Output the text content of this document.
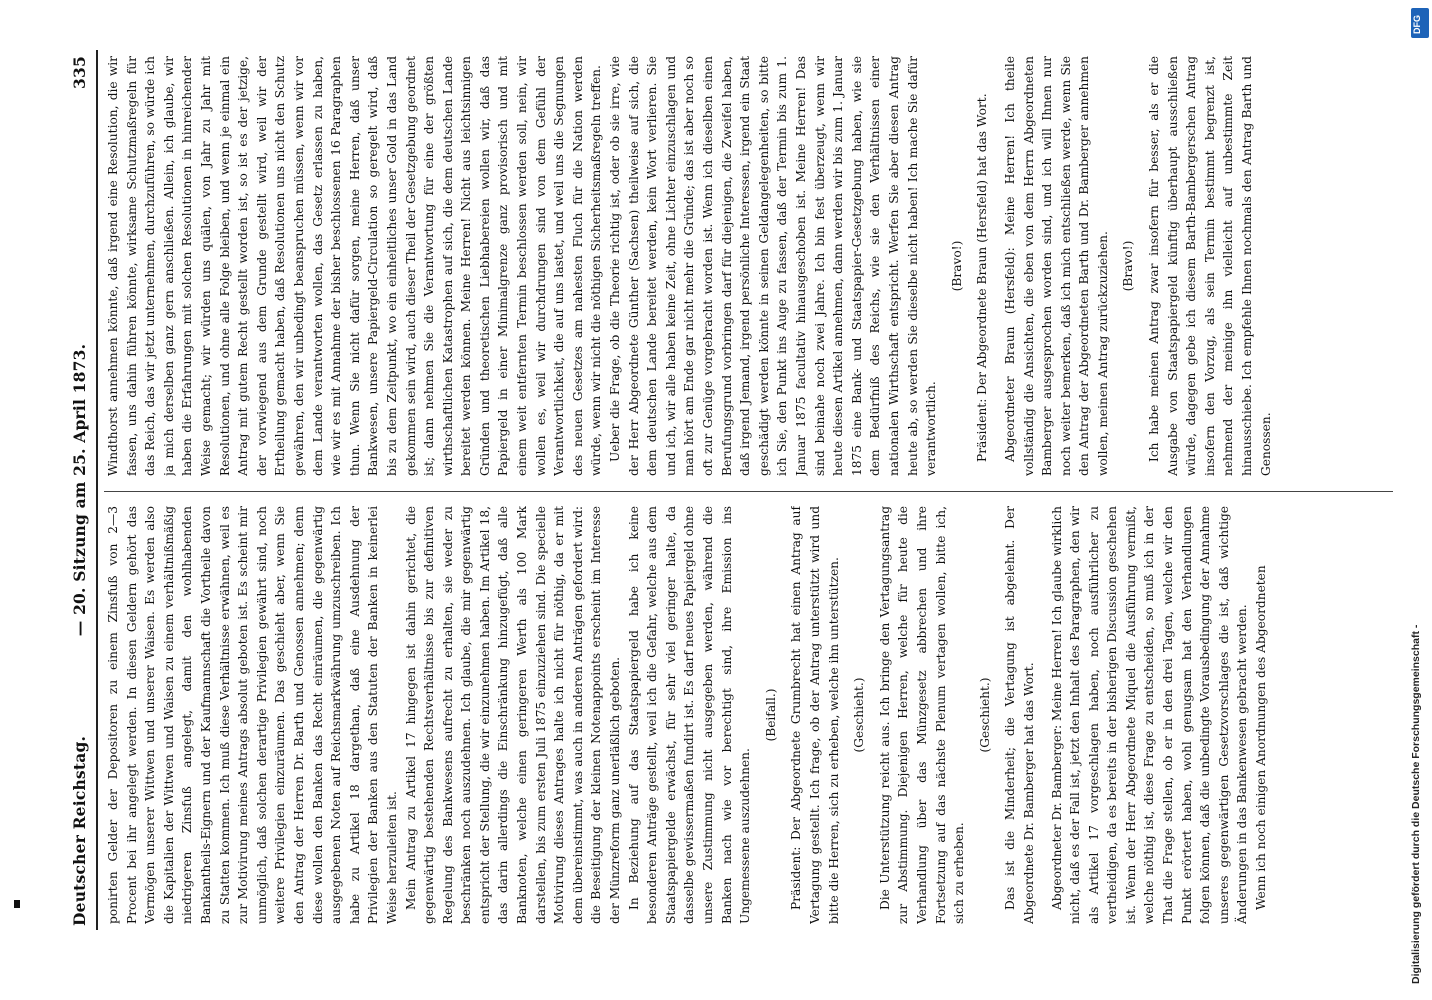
Deutscher Reichstag.
— 20. Sitzung am 25. April 1873.
335

ponirten Gelder der Depositoren zu einem Zinsfuß von 2—3 Procent bei ihr angelegt werden. In diesen Geldern gehört das Vermögen unserer Wittwen und unserer Waisen. Es werden also die Kapitalien der Wittwen und Waisen zu einem verhältnißmäßig niedrigeren Zinsfuß angelegt, damit den wohlhabenden Bankantheils-Eignern und der Kaufmannschaft die Vortheile davon zu Statten kommen. Ich muß diese Verhältnisse erwähnen, weil es zur Motivirung meines Antrags absolut geboten ist. Es scheint mir unmöglich, daß solchen derartige Privilegien gewährt sind, noch weitere Privilegien einzuräumen. Das geschieht aber, wenn Sie den Antrag der Herren Dr. Barth und Genossen annehmen; denn diese wollen den Banken das Recht einräumen, die gegenwärtig ausgegebenen Noten auf Reichsmarkwährung umzuschreiben. Ich habe zu Artikel 18 dargethan, daß eine Ausdehnung der Privilegien der Banken aus den Statuten der Banken in keinerlei Weise herzuleiten ist. Mein Antrag zu Artikel 17 hingegen ist dahin gerichtet, die gegenwärtig bestehenden Rechtsverhältnisse bis zur definitiven Regelung des Bankwesens aufrecht zu erhalten, sie weder zu beschränken noch auszudehnen. Ich glaube, die mir gegenwärtig entspricht der Stellung, die wir einzunehmen haben. Im Artikel 18, das darin allerdings die Einschränkung hinzugefügt, daß alle Banknoten, welche einen geringeren Werth als 100 Mark darstellen, bis zum ersten Juli 1875 einzuziehen sind. Die specielle Motivirung dieses Antrages halte ich nicht für nöthig, da er mit dem übereinstimmt, was auch in anderen Anträgen gefordert wird: die Beseitigung der kleinen Notenappoints erscheint im Interesse der Münzreform ganz unerläßlich geboten. In Beziehung auf das Staatspapiergeld habe ich keine besonderen Anträge gestellt, weil ich die Gefahr, welche aus dem Staatspapiergelde erwächst, für sehr viel geringer halte, da dasselbe gewissermaßen fundirt ist. Es darf neues Papiergeld ohne unsere Zustimmung nicht ausgegeben werden, während die Banken nach wie vor berechtigt sind, ihre Emission ins Ungemessene auszudehnen.

(Beifall.) Präsident: Der Abgeordnete Grumbrecht hat einen Antrag auf Vertagung gestellt. Ich frage, ob der Antrag unterstützt wird und bitte die Herren, sich zu erheben, welche ihn unterstützen. (Geschieht.) Die Unterstützung reicht aus. Ich bringe den Vertagungsantrag zur Abstimmung. Diejenigen Herren, welche für heute die Verhandlung über das Münzgesetz abbrechen und ihre Fortsetzung auf das nächste Plenum vertagen wollen, bitte ich, sich zu erheben.

(Geschieht.) Das ist die Minderheit; die Vertagung ist abgelehnt. Der Abgeordnete Dr. Bamberger hat das Wort. Abgeordneter Dr. Bamberger: Meine Herren! Ich glaube wirklich nicht, daß es der Fall ist, jetzt den Inhalt des Paragraphen, den wir als Artikel 17 vorgeschlagen haben, noch ausführlicher zu vertheidigen, da es bereits in der bisherigen Discussion geschehen ist. Wenn der Herr Abgeordnete Miquel die Ausführung vermißt, welche nöthig ist, diese Frage zu entscheiden, so muß ich in der That die Frage stellen, ob er in den drei Tagen, welche wir den Punkt erörtert haben, wohl genugsam hat den Verhandlungen folgen können, daß die unbedingte Vorausbedingung der Annahme unseres gegenwärtigen Gesetzvorschlages die ist, daß wichtige Änderungen in das Bankenwesen gebracht werden. Wenn ich noch einigen Anordnungen des Abgeordneten

Windthorst annehmen könnte, daß irgend eine Resolution, die wir fassen, uns dahin führen könnte, wirksame Schutzmaßregeln für das Reich, das wir jetzt unternehmen, durchzuführen, so würde ich ja mich derselben ganz gern anschließen. Allein, ich glaube, wir haben die Erfahrungen mit solchen Resolutionen in hinreichender Weise gemacht; wir würden uns quälen, von Jahr zu Jahr mit Resolutionen, und ohne alle Folge bleiben, und wenn je einmal ein Antrag mit gutem Recht gestellt worden ist, so ist es der jetzige, der vorwiegend aus dem Grunde gestellt wird, weil wir der Ertheilung gemacht haben, daß Resolutionen uns nicht den Schutz gewähren, den wir unbedingt beanspruchen müssen, wenn wir vor dem Lande verantworten wollen, das Gesetz erlassen zu haben, wie wir es mit Annahme der bisher beschlossenen 16 Paragraphen thun. Wenn Sie nicht dafür sorgen, meine Herren, daß unser Bankwesen, unsere Papiergeld-Circulation so geregelt wird, daß bis zu dem Zeitpunkt, wo ein einheitliches unser Gold in das Land gekommen sein wird, auch dieser Theil der Gesetzgebung geordnet ist; dann nehmen Sie die Verantwortung für eine der größten wirthschaftlichen Katastrophen auf sich, die dem deutschen Lande bereitet werden können. Meine Herren! Nicht aus leichtsinnigen Gründen und theoretischen Liebhabereien wollen wir, daß das Papiergeld in einer Minimalgrenze ganz provisorisch und mit einem weit entfernten Termin beschlossen werden soll, nein, wir wollen es, weil wir durchdrungen sind von dem Gefühl der Verantwortlichkeit, die auf uns lastet, und weil uns die Segnungen des neuen Gesetzes am nahesten Fluch für die Nation werden würde, wenn wir nicht die nöthigen Sicherheitsmaßregeln treffen. Ueber die Frage, ob die Theorie richtig ist, oder ob sie irre, wie der Herr Abgeordnete Günther (Sachsen) theilweise auf sich, die dem deutschen Lande bereitet werden, kein Wort verlieren. Sie und ich, wir alle haben keine Zeit, ohne Lichter einzuschlagen und man hört am Ende gar nicht mehr die Gründe; das ist aber noch so oft zur Genüge vorgebracht worden ist. Wenn ich dieselben einen Berufungsgrund vorbringen darf für diejenigen, die Zweifel haben, daß irgend Jemand, irgend persönliche Interessen, irgend ein Staat geschädigt werden könnte in seinen Geldangelegenheiten, so bitte ich Sie, den Punkt ins Auge zu fassen, daß der Termin bis zum 1. Januar 1875 facultativ hinausgeschoben ist. Meine Herren! Das sind beinahe noch zwei Jahre. Ich bin fest überzeugt, wenn wir heute diesen Artikel annehmen, dann werden wir bis zum 1. Januar 1875 eine Bank- und Staatspapier-Gesetzgebung haben, wie sie dem Bedürfniß des Reichs, wie sie den Verhältnissen einer nationalen Wirthschaft entspricht. Werfen Sie aber diesen Antrag heute ab, so werden Sie dieselbe nicht haben! Ich mache Sie dafür verantwortlich.

(Bravo!) Präsident: Der Abgeordnete Braun (Hersfeld) hat das Wort. Abgeordneter Braun (Hersfeld): Meine Herren! Ich theile vollständig die Ansichten, die eben von dem Herrn Abgeordneten Bamberger ausgesprochen worden sind, und ich will Ihnen nur noch weiter bemerken, daß ich mich entschließen werde, wenn Sie den Antrag der Abgeordneten Barth und Dr. Bamberger annehmen wollen, meinen Antrag zurückzuziehen. (Bravo!) Ich habe meinen Antrag zwar insofern für besser, als er die Ausgabe von Staatspapiergeld künftig überhaupt ausschließen würde, dagegen gebe ich diesem Barth-Bambergerschen Antrag insofern den Vorzug, als sein Termin bestimmt begrenzt ist, nehmend der meinige ihn vielleicht auf unbestimmte Zeit hinausschiebe. Ich empfehle Ihnen nochmals den Antrag Barth und Genossen.

DFG
Digitalisierung gefördert durch die Deutsche Forschungsgemeinschaft -
